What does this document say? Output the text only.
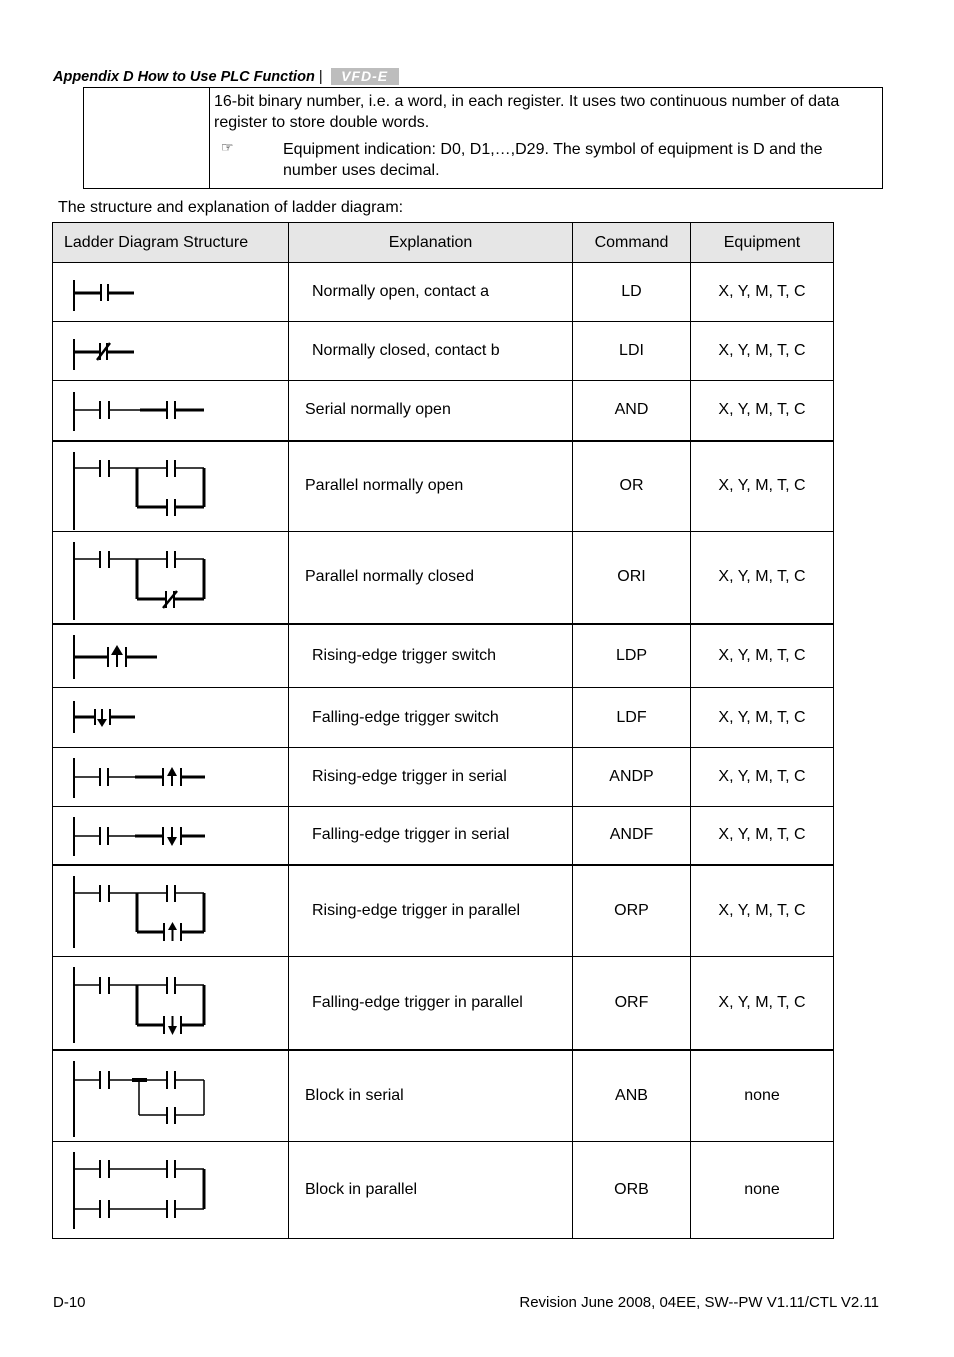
Appendix D How to Use PLC Function |	VFD-E
16-bit binary number, i.e. a word, in each register. It uses two continuous number of data register to store double words.
☞	Equipment indication: D0, D1,…,D29. The symbol of equipment is D and the number uses decimal.
The structure and explanation of ladder diagram:
Ladder Diagram Structure	Explanation	Command	Equipment

	Normally open, contact a	LD	X, Y, M, T, C

	Normally closed, contact b	LDI	X, Y, M, T, C

	Serial normally open	AND	X, Y, M, T, C

	Parallel normally open	OR	X, Y, M, T, C

	Parallel normally closed	ORI	X, Y, M, T, C

	Rising-edge trigger switch	LDP	X, Y, M, T, C

	Falling-edge trigger switch	LDF	X, Y, M, T, C

	Rising-edge trigger in serial	ANDP	X, Y, M, T, C

	Falling-edge trigger in serial	ANDF	X, Y, M, T, C

	Rising-edge trigger in parallel	ORP	X, Y, M, T, C

	Falling-edge trigger in parallel	ORF	X, Y, M, T, C

	Block in serial	ANB	none

	Block in parallel	ORB	none
D-10	Revision June 2008, 04EE, SW--PW V1.11/CTL V2.11
